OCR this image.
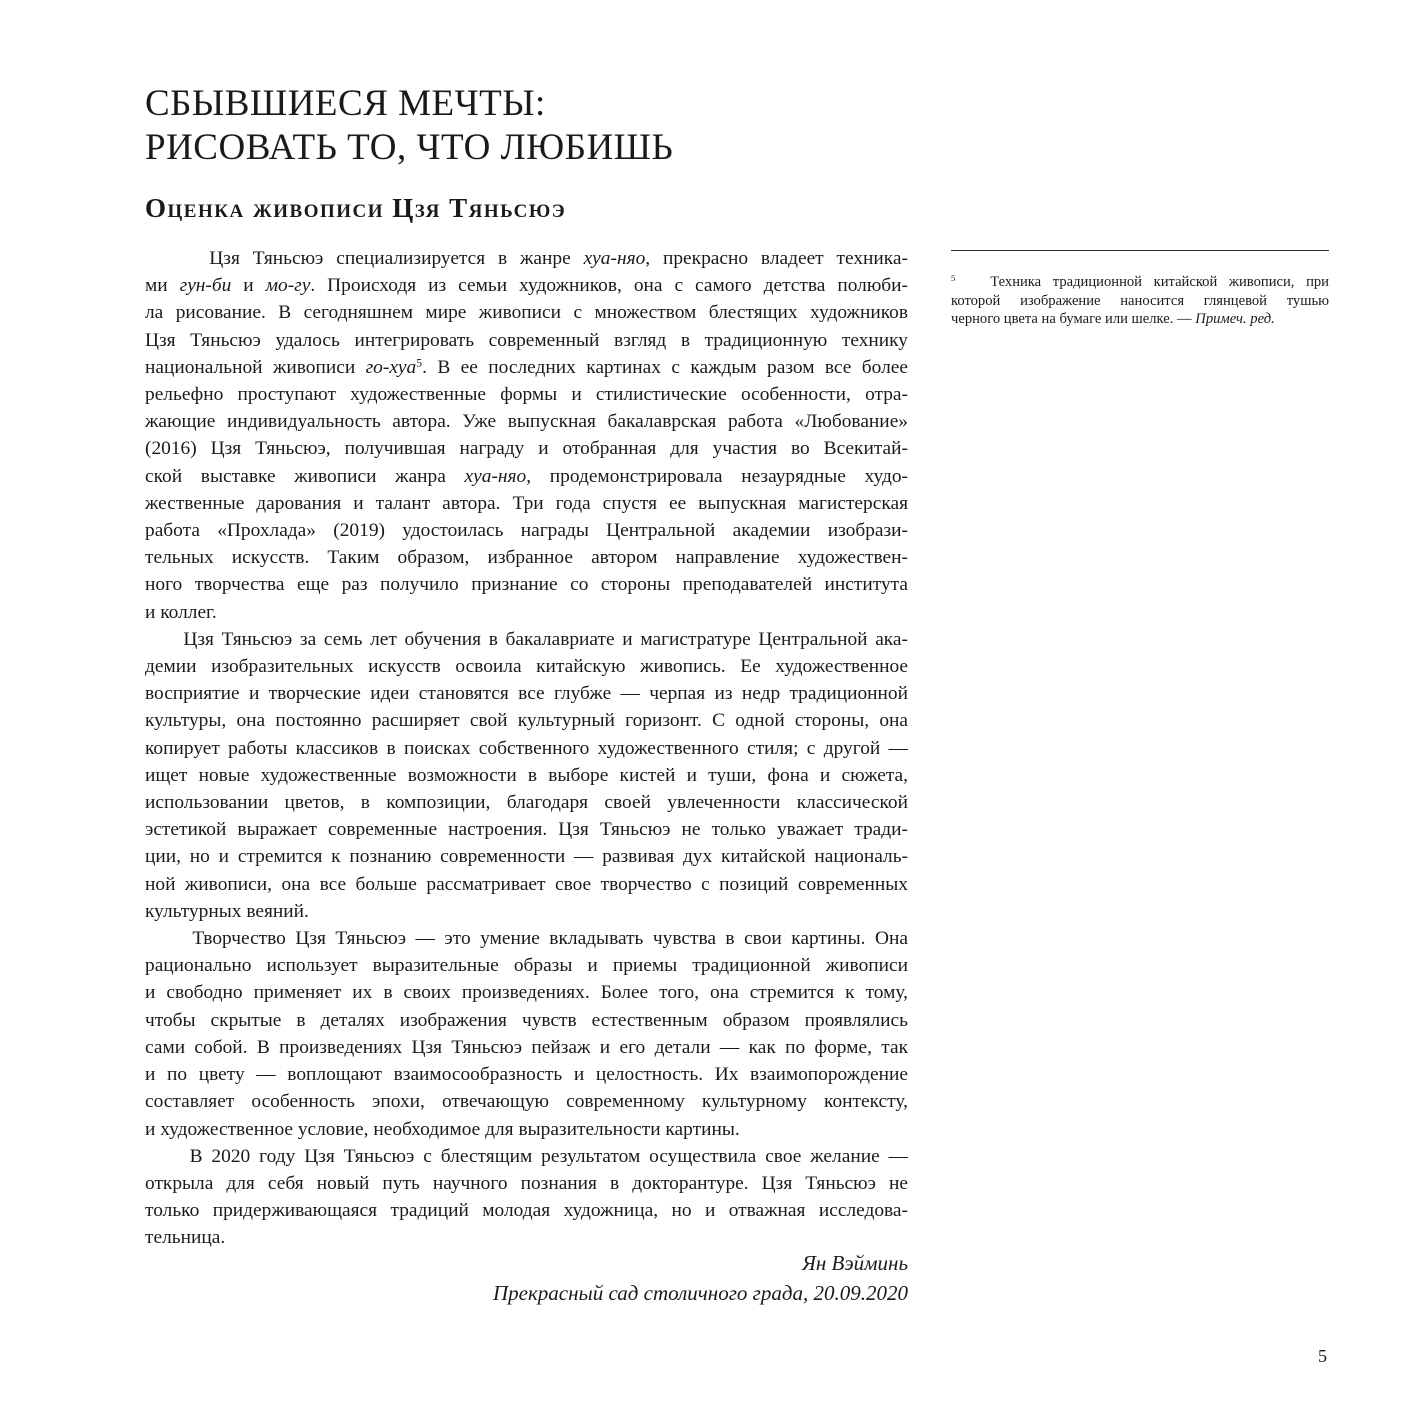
СБЫВШИЕСЯ МЕЧТЫ:
РИСОВАТЬ ТО, ЧТО ЛЮБИШЬ
Оценка живописи Цзя Тяньсюэ
Цзя Тяньсюэ специализируется в жанре хуа-няо, прекрасно владеет техника-
ми гун-би и мо-гу. Происходя из семьи художников, она с самого детства полюби-
ла рисование. В сегодняшнем мире живописи с множеством блестящих художников
Цзя Тяньсюэ удалось интегрировать современный взгляд в традиционную технику
национальной живописи го-хуа$^5$. В ее последних картинах с каждым разом все более
рельефно проступают художественные формы и стилистические особенности, отра-
жающие индивидуальность автора. Уже выпускная бакалаврская работа «Любование»
(2016) Цзя Тяньсюэ, получившая награду и отобранная для участия во Всекитай-
ской выставке живописи жанра хуа-няо, продемонстрировала незаурядные худо-
жественные дарования и талант автора. Три года спустя ее выпускная магистерская
работа «Прохлада» (2019) удостоилась награды Центральной академии изобрази-
тельных искусств. Таким образом, избранное автором направление художествен-
ного творчества еще раз получило признание со стороны преподавателей института
и коллег.
Цзя Тяньсюэ за семь лет обучения в бакалавриате и магистратуре Центральной ака-
демии изобразительных искусств освоила китайскую живопись. Ее художественное
восприятие и творческие идеи становятся все глубже — черпая из недр традиционной
культуры, она постоянно расширяет свой культурный горизонт. С одной стороны, она
копирует работы классиков в поисках собственного художественного стиля; с другой —
ищет новые художественные возможности в выборе кистей и туши, фона и сюжета,
использовании цветов, в композиции, благодаря своей увлеченности классической
эстетикой выражает современные настроения. Цзя Тяньсюэ не только уважает тради-
ции, но и стремится к познанию современности — развивая дух китайской националь-
ной живописи, она все больше рассматривает свое творчество с позиций современных
культурных веяний.
Творчество Цзя Тяньсюэ — это умение вкладывать чувства в свои картины. Она
рационально использует выразительные образы и приемы традиционной живописи
и свободно применяет их в своих произведениях. Более того, она стремится к тому,
чтобы скрытые в деталях изображения чувств естественным образом проявлялись
сами собой. В произведениях Цзя Тяньсюэ пейзаж и его детали — как по форме, так
и по цвету — воплощают взаимосообразность и целостность. Их взаимопорождение
составляет особенность эпохи, отвечающую современному культурному контексту,
и художественное условие, необходимое для выразительности картины.
В 2020 году Цзя Тяньсюэ с блестящим результатом осуществила свое желание —
открыла для себя новый путь научного познания в докторантуре. Цзя Тяньсюэ не
только придерживающаяся традиций молодая художница, но и отважная исследова-
тельница.
Ян Вэйминь
Прекрасный сад столичного града, 20.09.2020
$^5$ Техника традиционной китайской живописи, при
которой изображение наносится глянцевой тушью
черного цвета на бумаге или шелке. — Примеч. ред.
5
